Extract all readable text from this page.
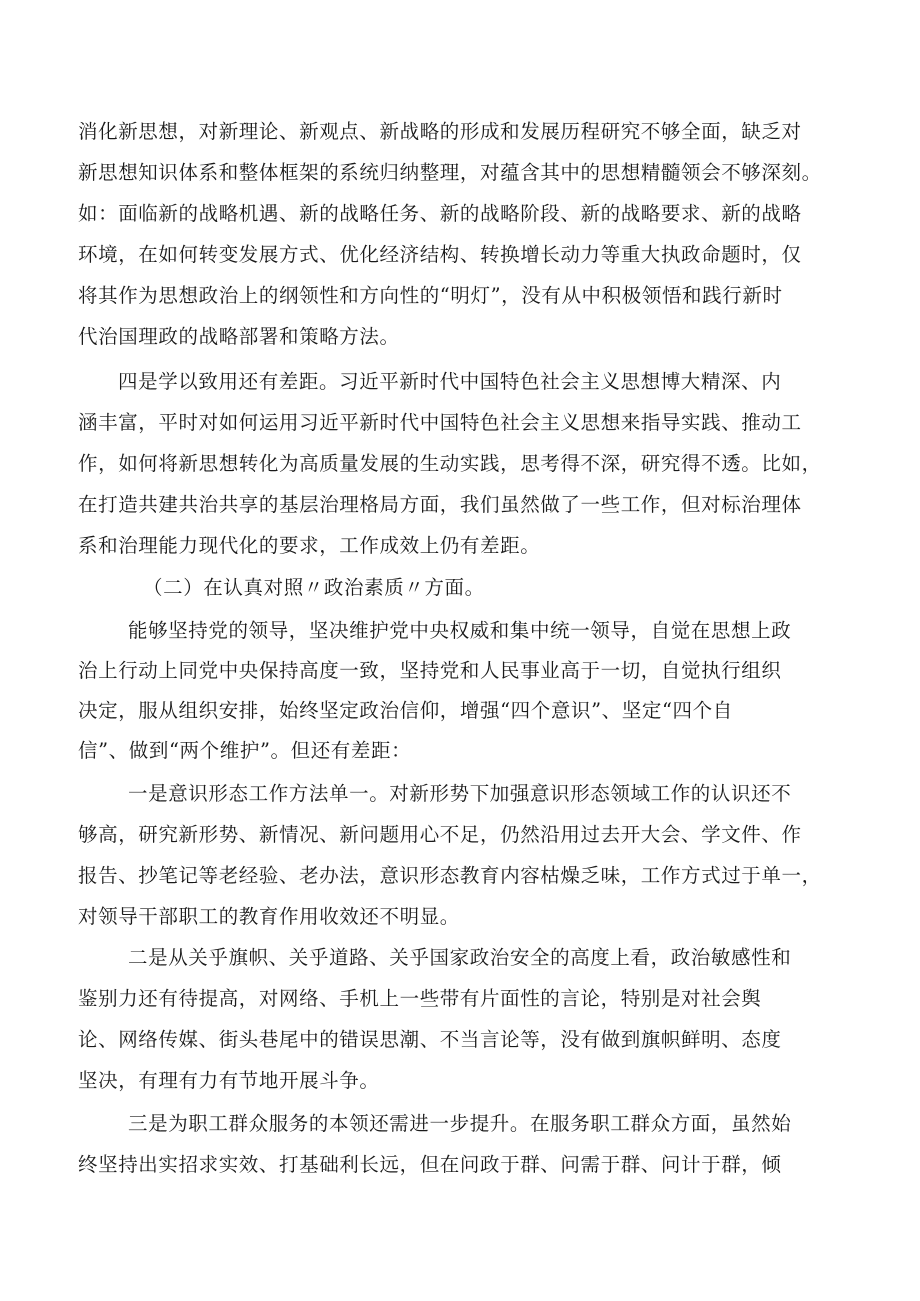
消化新思想，对新理论、新观点、新战略的形成和发展历程研究不够全面，缺乏对
新思想知识体系和整体框架的系统归纳整理，对蕴含其中的思想精髓领会不够深刻。
如：面临新的战略机遇、新的战略任务、新的战略阶段、新的战略要求、新的战略
环境，在如何转变发展方式、优化经济结构、转换增长动力等重大执政命题时，仅
将其作为思想政治上的纲领性和方向性的“明灯”，没有从中积极领悟和践行新时
代治国理政的战略部署和策略方法。
四是学以致用还有差距。习近平新时代中国特色社会主义思想博大精深、内
涵丰富，平时对如何运用习近平新时代中国特色社会主义思想来指导实践、推动工
作，如何将新思想转化为高质量发展的生动实践，思考得不深，研究得不透。比如，
在打造共建共治共享的基层治理格局方面，我们虽然做了一些工作，但对标治理体
系和治理能力现代化的要求，工作成效上仍有差距。
（二）在认真对照〃政治素质〃方面。
能够坚持党的领导，坚决维护党中央权威和集中统一领导，自觉在思想上政
治上行动上同党中央保持高度一致，坚持党和人民事业高于一切，自觉执行组织
决定，服从组织安排，始终坚定政治信仰，增强“四个意识”、坚定“四个自
信”、做到“两个维护”。但还有差距：
一是意识形态工作方法单一。对新形势下加强意识形态领域工作的认识还不
够高，研究新形势、新情况、新问题用心不足，仍然沿用过去开大会、学文件、作
报告、抄笔记等老经验、老办法，意识形态教育内容枯燥乏味，工作方式过于单一，
对领导干部职工的教育作用收效还不明显。
二是从关乎旗帜、关乎道路、关乎国家政治安全的高度上看，政治敏感性和
鉴别力还有待提高，对网络、手机上一些带有片面性的言论，特别是对社会舆
论、网络传媒、街头巷尾中的错误思潮、不当言论等，没有做到旗帜鲜明、态度
坚决，有理有力有节地开展斗争。
三是为职工群众服务的本领还需进一步提升。在服务职工群众方面，虽然始
终坚持出实招求实效、打基础利长远，但在问政于群、问需于群、问计于群，倾
